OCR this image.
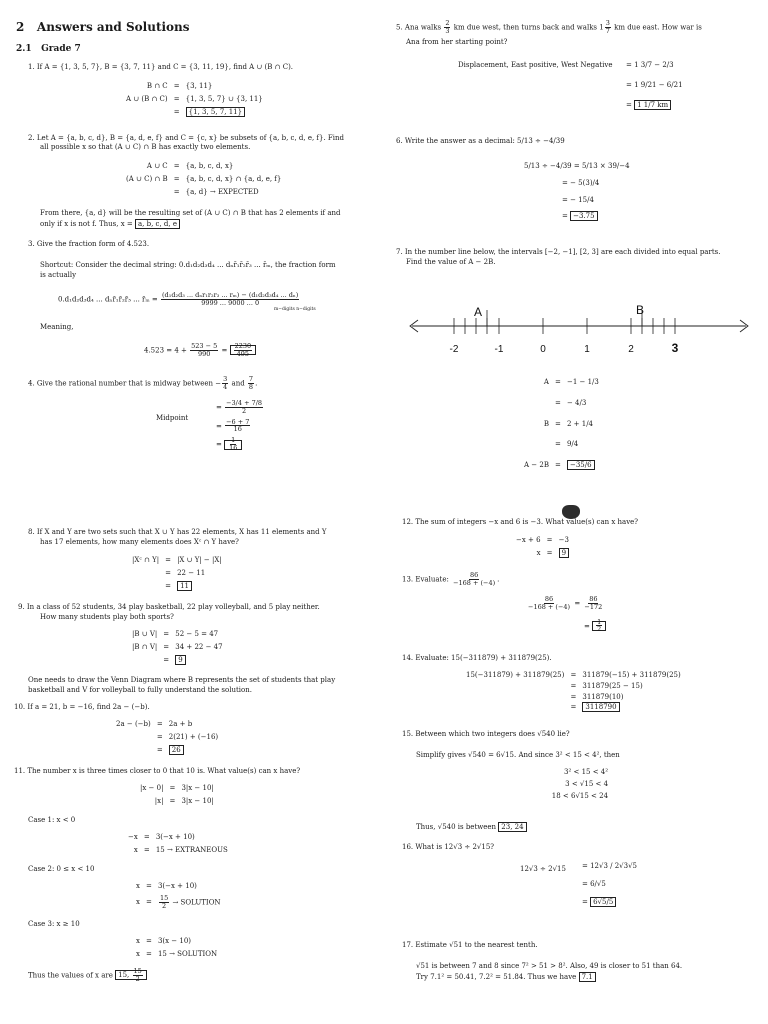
2 Answers and Solutions
2.1 Grade 7
1. If A = {1, 3, 5, 7}, B = {3, 7, 11} and C = {3, 11, 19}, find A ∪ (B ∩ C).
B ∩ C = {3, 11}
A ∪ (B ∩ C) = {1, 3, 5, 7} ∪ {3, 11}
=	{1, 3, 5, 7, 11}
2. Let A = {a, b, c, d}, B = {a, d, e, f} and C = {c, x} be subsets of {a, b, c, d, e, f}. Find
all possible x so that (A ∪ C) ∩ B has exactly two elements.
A ∪ C = {a, b, c, d, x}
(A ∪ C) ∩ B = {a, b, c, d, x} ∩ {a, d, e, f}
= {a, d} → EXPECTED
From there, {a, d} will be the resulting set of (A ∪ C) ∩ B that has 2 elements if and
only if x is not f. Thus, x = a, b, c, d, e
3. Give the fraction form of 4.523.
Shortcut: Consider the decimal string: 0.d₁d₂d₃d₄ ... dₙr̄₁r̄₂r̄₃ ... r̄ₘ, the fraction form
is actually
0.d₁d₂d₃d₄ ... dₙr̄₁r̄₂r̄₃ ... r̄ₘ = $\frac{\text{(d₁d₂d₃ ... dₙr₁r₂r₃ ... rₘ) − (d₁d₂d₃d₄ ... dₙ)}}{9999 ... 9000 ... 0}$
m−digits n−digits
Meaning,
$4.523 = 4 + \frac{523 - 5}{990} = \frac{2230}{495}$
4. Give the rational number that is midway between − $\frac{3}{4}$ and $\frac{7}{8}$ .
Midpoint
= $\frac{-3/4 + 7/8}{2}$
= $\frac{-6 + 7}{16}$
= $\frac{1}{16}$
8. If X and Y are two sets such that X ∪ Y has 22 elements, X has 11 elements and Y
has 17 elements, how many elements does Xᶜ ∩ Y have?
|Xᶜ ∩ Y| = |X ∪ Y| − |X|
= 22 − 11
=	11
9. In a class of 52 students, 34 play basketball, 22 play volleyball, and 5 play neither.
How many students play both sports?
|B ∪ V| = 52 − 5 = 47
|B ∩ V| = 34 + 22 − 47
=	9
One needs to draw the Venn Diagram where B represents the set of students that play
basketball and V for volleyball to fully understand the solution.
10. If a = 21, b = −16, find 2a − (−b).
2a − (−b) = 2a + b
= 2(21) + (−16)
=	26
11. The number x is three times closer to 0 that 10 is. What value(s) can x have?
|x − 0| = 3|x − 10|
|x| = 3|x − 10|
Case 1: x < 0
−x = 3(−x + 10)
x = 15 → EXTRANEOUS
Case 2: 0 ≤ x < 10
x = 3(−x + 10)
x =	$\frac{15}{2}$ → SOLUTION
Case 3: x ≥ 10
x = 3(x − 10)
x = 15 → SOLUTION
Thus the values of x are 15, $\frac{15}{2}$
5. Ana walks $\frac{2}{3}$ km due west, then turns back and walks $1 \frac{3}{7}$ km due east. How war is
Ana from her starting point?
Displacement, East positive, West Negative = 1 3/7 − 2/3
= 1 9/21 − 6/21
= 1 1/7 km
6. Write the answer as a decimal: 5/13 ÷ −4/39
5/13 ÷ −4/39 = 5/13 × 39/−4
= − 5(3)/4
= − 15/4
= −3.75
7. In the number line below, the intervals [−2, −1], [2, 3] are each divided into equal parts.
Find the value of A − 2B.
A	B
-2	-1	0	1	2	3
A = −1 − 1/3
= − 4/3
B = 2 + 1/4
= 9/4
A − 2B =	−35/6
12. The sum of integers −x and 6 is −3. What value(s) can x have?
−x + 6 = −3
x =	9
13. Evaluate: $\frac{86}{-168 + (-4)}$ .
$\frac{86}{-168 + (-4)} = \frac{86}{-172}$
= $\frac{1}{2}$
14. Evaluate: 15(−311879) + 311879(25).
15(−311879) + 311879(25) = 311879(−15) + 311879(25)
= 311879(25 − 15)
= 311879(10)
=	3118790
15. Between which two integers does √540 lie?
Simplify gives √540 = 6√15. And since 3² < 15 < 4², then
3² < 15 < 4²
3 < √15 < 4
18 < 6√15 < 24
Thus, √540 is between 23, 24
16. What is 12√3 ÷ 2√15?
12√3 ÷ 2√15 = 12√3 / 2√3√5
= 6/√5
= 6√5/5
17. Estimate √51 to the nearest tenth.
√51 is between 7 and 8 since 7² > 51 > 8². Also, 49 is closer to 51 than 64.
Try 7.1² = 50.41, 7.2² = 51.84. Thus we have 7.1
